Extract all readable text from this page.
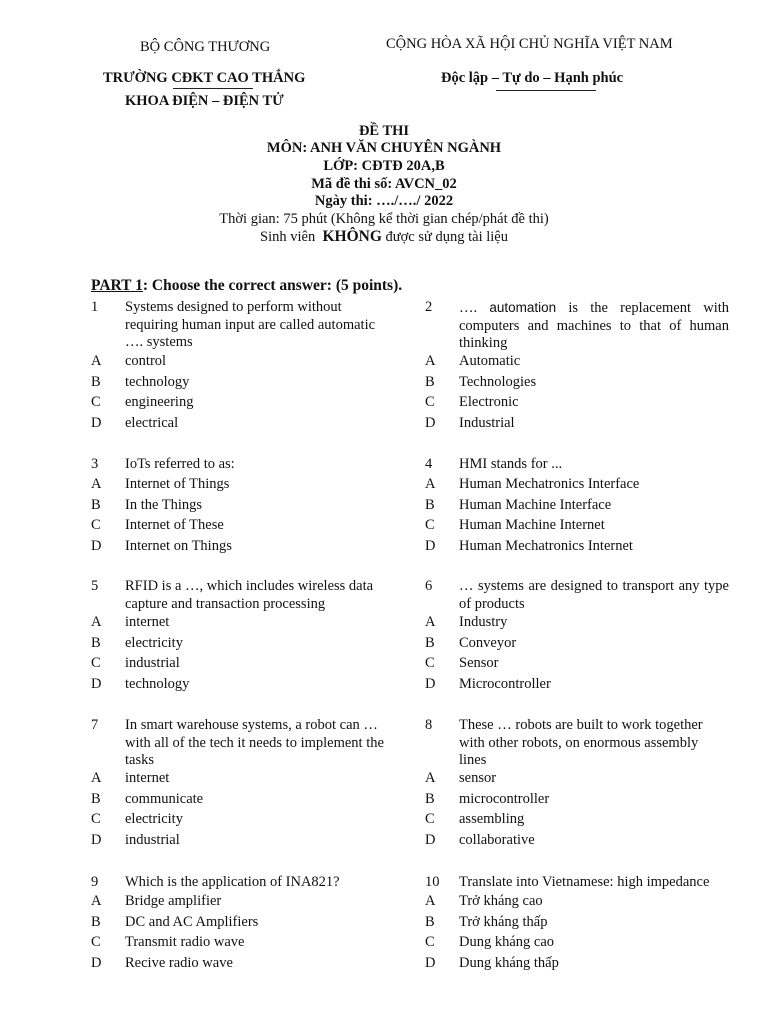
BỘ CÔNG THƯƠNG
TRƯỜNG CĐKT CAO THẮNG
KHOA ĐIỆN – ĐIỆN TỬ
CỘNG HÒA XÃ HỘI CHỦ NGHĨA VIỆT NAM
Độc lập – Tự do – Hạnh phúc
ĐỀ THI
MÔN: ANH VĂN CHUYÊN NGÀNH
LỚP: CĐTĐ 20A,B
Mã đề thi số: AVCN_02
Ngày thi: …./…./ 2022
Thời gian: 75 phút (Không kể thời gian chép/phát đề thi)
Sinh viên KHÔNG được sử dụng tài liệu
PART 1: Choose the correct answer: (5 points).
1 Systems designed to perform without requiring human input are called automatic …. systems
A control
B technology
C engineering
D electrical
2 …. automation is the replacement with computers and machines to that of human thinking
A Automatic
B Technologies
C Electronic
D Industrial
3 IoTs referred to as:
A Internet of Things
B In the Things
C Internet of These
D Internet on Things
4 HMI stands for ...
A Human Mechatronics Interface
B Human Machine Interface
C Human Machine Internet
D Human Mechatronics Internet
5 RFID is a …, which includes wireless data capture and transaction processing
A internet
B electricity
C industrial
D technology
6 … systems are designed to transport any type of products
A Industry
B Conveyor
C Sensor
D Microcontroller
7 In smart warehouse systems, a robot can … with all of the tech it needs to implement the tasks
A internet
B communicate
C electricity
D industrial
8 These … robots are built to work together with other robots, on enormous assembly lines
A sensor
B microcontroller
C assembling
D collaborative
9 Which is the application of INA821?
A Bridge amplifier
B DC and AC Amplifiers
C Transmit radio wave
D Recive radio wave
10 Translate into Vietnamese: high impedance
A Trở kháng cao
B Trở kháng thấp
C Dung kháng cao
D Dung kháng thấp
